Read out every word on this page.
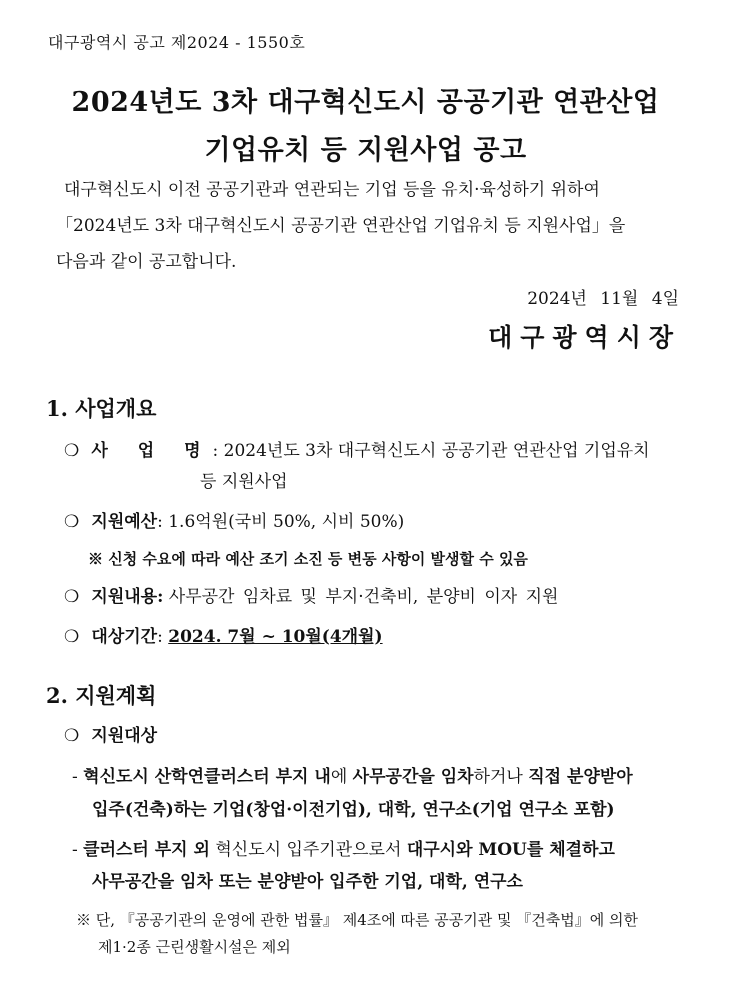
대구광역시 공고 제2024 - 1550호
2024년도 3차 대구혁신도시 공공기관 연관산업
기업유치 등 지원사업 공고
대구혁신도시 이전 공공기관과 연관되는 기업 등을 유치·육성하기 위하여
「2024년도 3차 대구혁신도시 공공기관 연관산업 기업유치 등 지원사업」을
다음과 같이 공고합니다.
2024년 11월 4일
대구광역시장
1. 사업개요
❍ 사 업 명: 2024년도 3차 대구혁신도시 공공기관 연관산업 기업유치
등 지원사업
❍ 지원예산: 1.6억원(국비 50%, 시비 50%)
※ 신청 수요에 따라 예산 조기 소진 등 변동 사항이 발생할 수 있음
❍ 지원내용: 사무공간 임차료 및 부지·건축비, 분양비 이자 지원
❍ 대상기간: 2024. 7월 ~ 10월(4개월)
2. 지원계획
❍ 지원대상
- 혁신도시 산학연클러스터 부지 내에 사무공간을 임차하거나 직접 분양받아
입주(건축)하는 기업(창업·이전기업), 대학, 연구소(기업 연구소 포함)
- 클러스터 부지 외 혁신도시 입주기관으로서 대구시와 MOU를 체결하고
사무공간을 임차 또는 분양받아 입주한 기업, 대학, 연구소
※ 단, 『공공기관의 운영에 관한 법률』 제4조에 따른 공공기관 및 『건축법』에 의한
제1·2종 근린생활시설은 제외
